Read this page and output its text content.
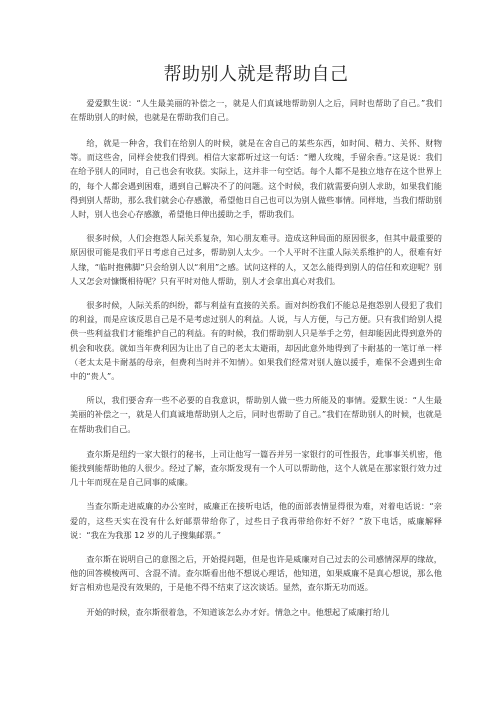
帮助别人就是帮助自己

爱爱默生说：“人生最美丽的补偿之一，就是人们真诚地帮助别人之后，同时也帮助了自己。”我们在帮助别人的时候，也就是在帮助我们自己。

给，就是一种舍，我们在给别人的时候，就是在舍自己的某些东西，如时间、精力、关怀、财物等。而这些舍，同样会使我们得到。相信大家都听过这一句话：“赠人玫瑰，手留余香。”这是说：我们在给予别人的同时，自己也会有收获。实际上，这并非一句空话。每个人都不是独立地存在这个世界上的，每个人都会遇到困难，遇到自己解决不了的问题。这个时候，我们就需要向别人求助，如果我们能得到别人帮助，那么我们就会心存感激，希望他日自己也可以为别人做些事情。同样地，当我们帮助别人时，别人也会心存感激，希望他日伸出援助之手，帮助我们。

很多时候，人们会抱怨人际关系复杂，知心朋友难寻。造成这种局面的原因很多，但其中最重要的原因很可能是我们平日考虑自己过多，帮助别人太少。一个人平时不注重人际关系维护的人，很难有好人缘，“临时抱佛脚”只会给别人以“利用”之感。试问这样的人，又怎么能得到别人的信任和欢迎呢？别人又怎会对慷慨相待呢？只有平时对他人帮助，别人才会拿出真心对我们。

很多时候，人际关系的纠纷，都与利益有直接的关系。面对纠纷我们不能总是抱怨别人侵犯了我们的利益，而是应该反思自己是不是考虑过别人的利益。人说，与人方便，与己方便。只有我们给别人提供一些利益我们才能维护自己的利益。有的时候，我们帮助别人只是举手之劳，但却能因此得到意外的机会和收获。就如当年费利因为让出了自己的老太太避雨，却因此意外地得到了卡耐基的一笔订单一样（老太太是卡耐基的母亲，但费利当时并不知情）。如果我们经常对别人施以援手，难保不会遇到生命中的“贵人”。

所以，我们要舍弃一些不必要的自我意识，帮助别人做一些力所能及的事情。爱默生说：“人生最美丽的补偿之一，就是人们真诚地帮助别人之后，同时也帮助了自己。”我们在帮助别人的时候，也就是在帮助我们自己。

查尔斯是纽约一家大银行的秘书，上司让他写一篇吞并另一家银行的可性报告，此事事关机密，他能找到能帮助他的人很少。经过了解，查尔斯发现有一个人可以帮助他，这个人就是在那家银行效力过几十年而现在是自己同事的威廉。

当查尔斯走进威廉的办公室时，威廉正在接听电话，他的面部表情显得很为难，对着电话说：“亲爱的，这些天实在没有什么好邮票带给你了，过些日子我再带给你好不好？”放下电话，威廉解释说：“我在为我那 12 岁的儿子搜集邮票。”

查尔斯在说明自己的意图之后，开始提问题，但是也许是威廉对自己过去的公司感情深厚的缘故，他的回答模棱两可、含混不清。查尔斯看出他不想说心理话，他知道，如果威廉不是真心想说，那么他好言相劝也是没有效果的，于是他不得不结束了这次谈话。显然，查尔斯无功而返。

开始的时候，查尔斯很着急，不知道该怎么办才好。情急之中。他想起了威廉打给儿
